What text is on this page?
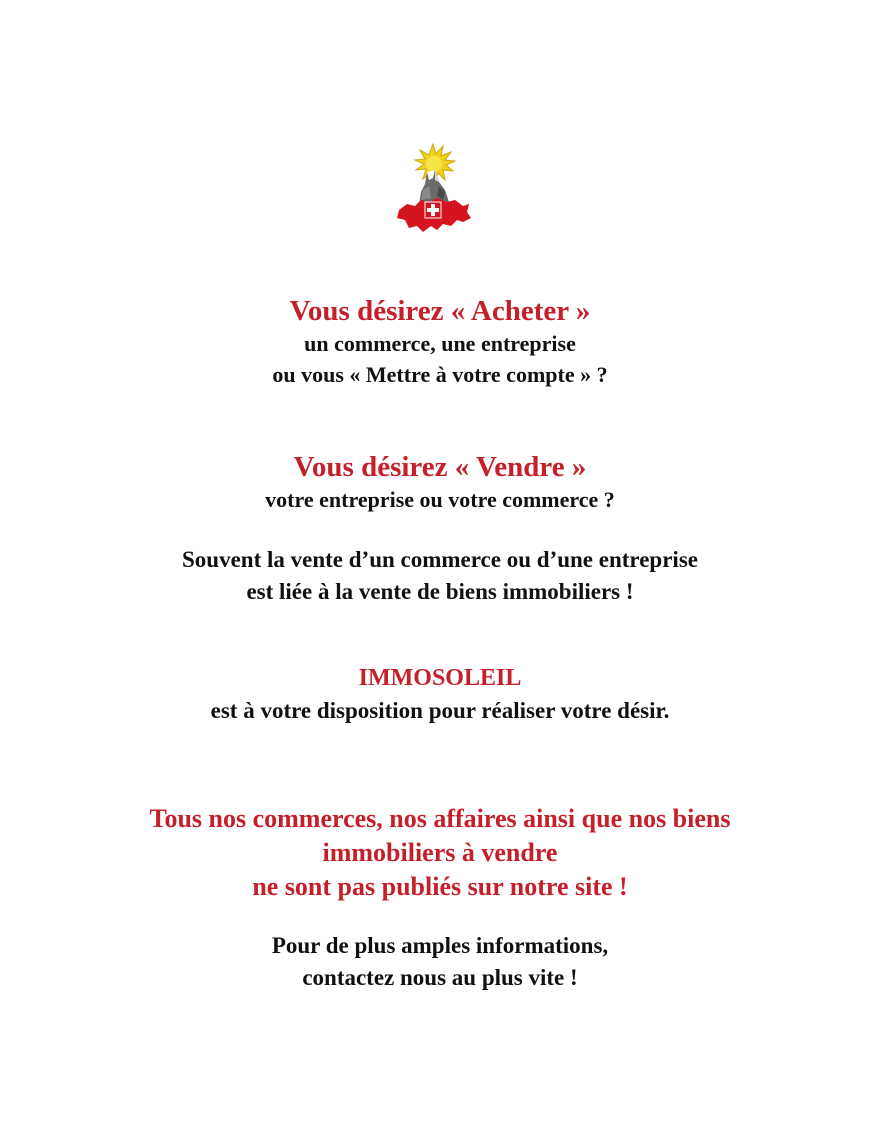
Vous désirez « Acheter »
un commerce, une entreprise
ou vous « Mettre à votre compte » ?
Vous désirez « Vendre »
votre entreprise ou votre commerce ?
Souvent la vente d’un commerce ou d’une entreprise
est liée à la vente de biens immobiliers !
IMMOSOLEIL
est à votre disposition pour réaliser votre désir.
Tous nos commerces, nos affaires ainsi que nos biens
immobiliers à vendre
ne sont pas publiés sur notre site !
Pour de plus amples informations,
contactez nous au plus vite !
